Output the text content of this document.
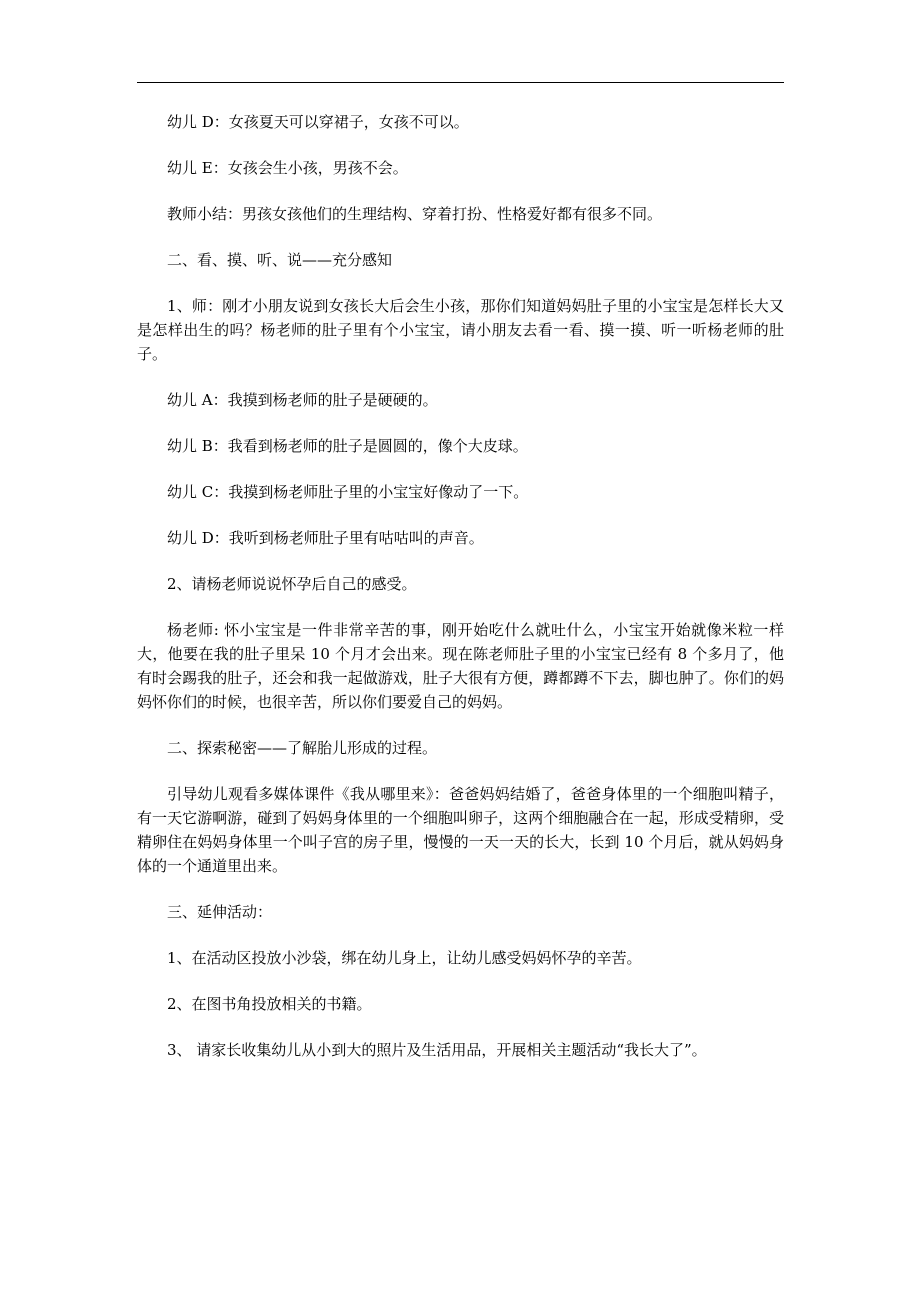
幼儿 D：女孩夏天可以穿裙子，女孩不可以。

幼儿 E：女孩会生小孩，男孩不会。

教师小结：男孩女孩他们的生理结构、穿着打扮、性格爱好都有很多不同。

二、看、摸、听、说——充分感知

1、师：刚才小朋友说到女孩长大后会生小孩，那你们知道妈妈肚子里的小宝宝是怎样长大又是怎样出生的吗？杨老师的肚子里有个小宝宝，请小朋友去看一看、摸一摸、听一听杨老师的肚子。

幼儿 A：我摸到杨老师的肚子是硬硬的。

幼儿 B：我看到杨老师的肚子是圆圆的，像个大皮球。

幼儿 C：我摸到杨老师肚子里的小宝宝好像动了一下。

幼儿 D：我听到杨老师肚子里有咕咕叫的声音。

2、请杨老师说说怀孕后自己的感受。

杨老师: 怀小宝宝是一件非常辛苦的事，刚开始吃什么就吐什么，小宝宝开始就像米粒一样大，他要在我的肚子里呆 10 个月才会出来。现在陈老师肚子里的小宝宝已经有 8 个多月了，他有时会踢我的肚子，还会和我一起做游戏，肚子大很有方便，蹲都蹲不下去，脚也肿了。你们的妈妈怀你们的时候，也很辛苦，所以你们要爱自己的妈妈。

二、探索秘密——了解胎儿形成的过程。

引导幼儿观看多媒体课件《我从哪里来》：爸爸妈妈结婚了，爸爸身体里的一个细胞叫精子，有一天它游啊游，碰到了妈妈身体里的一个细胞叫卵子，这两个细胞融合在一起，形成受精卵，受精卵住在妈妈身体里一个叫子宫的房子里，慢慢的一天一天的长大，长到 10 个月后，就从妈妈身体的一个通道里出来。

三、延伸活动：

1、在活动区投放小沙袋，绑在幼儿身上，让幼儿感受妈妈怀孕的辛苦。

2、在图书角投放相关的书籍。

3、 请家长收集幼儿从小到大的照片及生活用品，开展相关主题活动“我长大了”。
